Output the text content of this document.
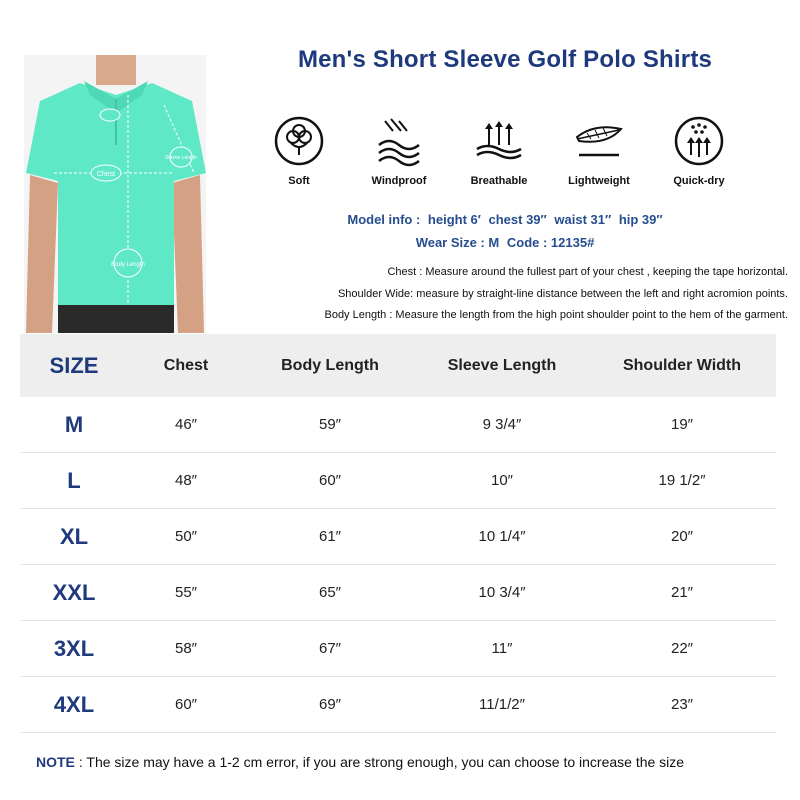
Chest
Body Length
Sleeve Length
Men's Short Sleeve Golf Polo Shirts
Soft	Windproof	Breathable	Lightweight	Quick-dry
Model info : height 6′ chest 39″ waist 31″ hip 39″
Wear Size : M Code : 12135#
Chest : Measure around the fullest part of your chest , keeping the tape horizontal.
Shoulder Wide: measure by straight-line distance between the left and right acromion points.
Body Length : Measure the length from the high point shoulder point to the hem of the garment.
SIZE	Chest	Body Length	Sleeve Length	Shoulder Width
M	46″	59″	9 3/4″	19″
L	48″	60″	10″	19 1/2″
XL	50″	61″	10 1/4″	20″
XXL	55″	65″	10 3/4″	21″
3XL	58″	67″	11″	22″
4XL	60″	69″	11/1/2″	23″
NOTE : The size may have a 1-2 cm error, if you are strong enough, you can choose to increase the size
